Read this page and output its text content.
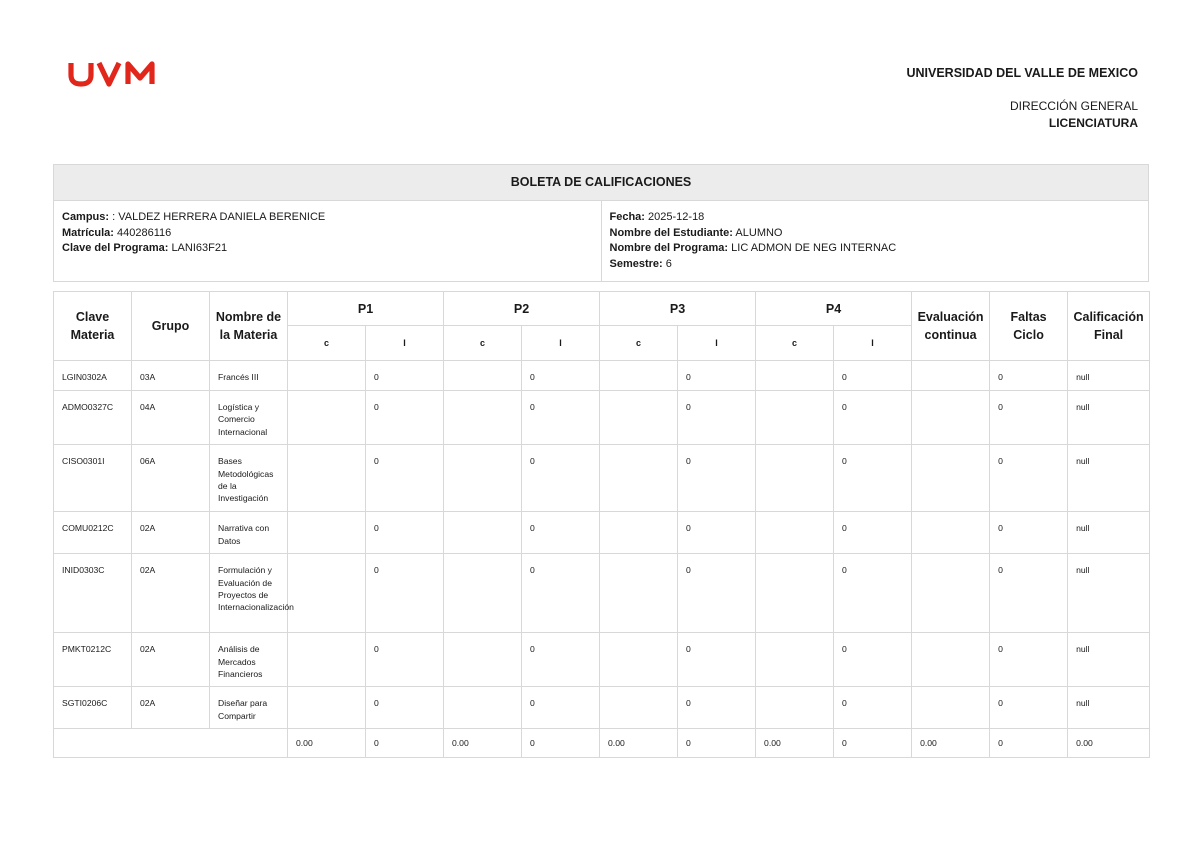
UNIVERSIDAD DEL VALLE DE MEXICO
DIRECCIÓN GENERAL
LICENCIATURA
BOLETA DE CALIFICACIONES
Campus: : VALDEZ HERRERA DANIELA BERENICE
Matrícula: 440286116
Clave del Programa: LANI63F21
Fecha: 2025-12-18
Nombre del Estudiante: ALUMNO
Nombre del Programa: LIC ADMON DE NEG INTERNAC
Semestre: 6
Clave Materia	Grupo	Nombre de la Materia	P1		P2		P3		P4		Evaluación continua	Faltas Ciclo	Calificación Final
			c	I	c	I	c	I	c	I			
LGIN0302A	03A	Francés III		0		0		0		0		0	null
ADMO0327C	04A	Logística y Comercio Internacional		0		0		0		0		0	null
CISO0301I	06A	Bases Metodológicas de la Investigación		0		0		0		0		0	null
COMU0212C	02A	Narrativa con Datos		0		0		0		0		0	null
INID0303C	02A	Formulación y Evaluación de Proyectos de Internacionalización		0		0		0		0		0	null
PMKT0212C	02A	Análisis de Mercados Financieros		0		0		0		0		0	null
SGTI0206C	02A	Diseñar para Compartir		0		0		0		0		0	null
			0.00	0	0.00	0	0.00	0	0.00	0	0.00	0	0.00
